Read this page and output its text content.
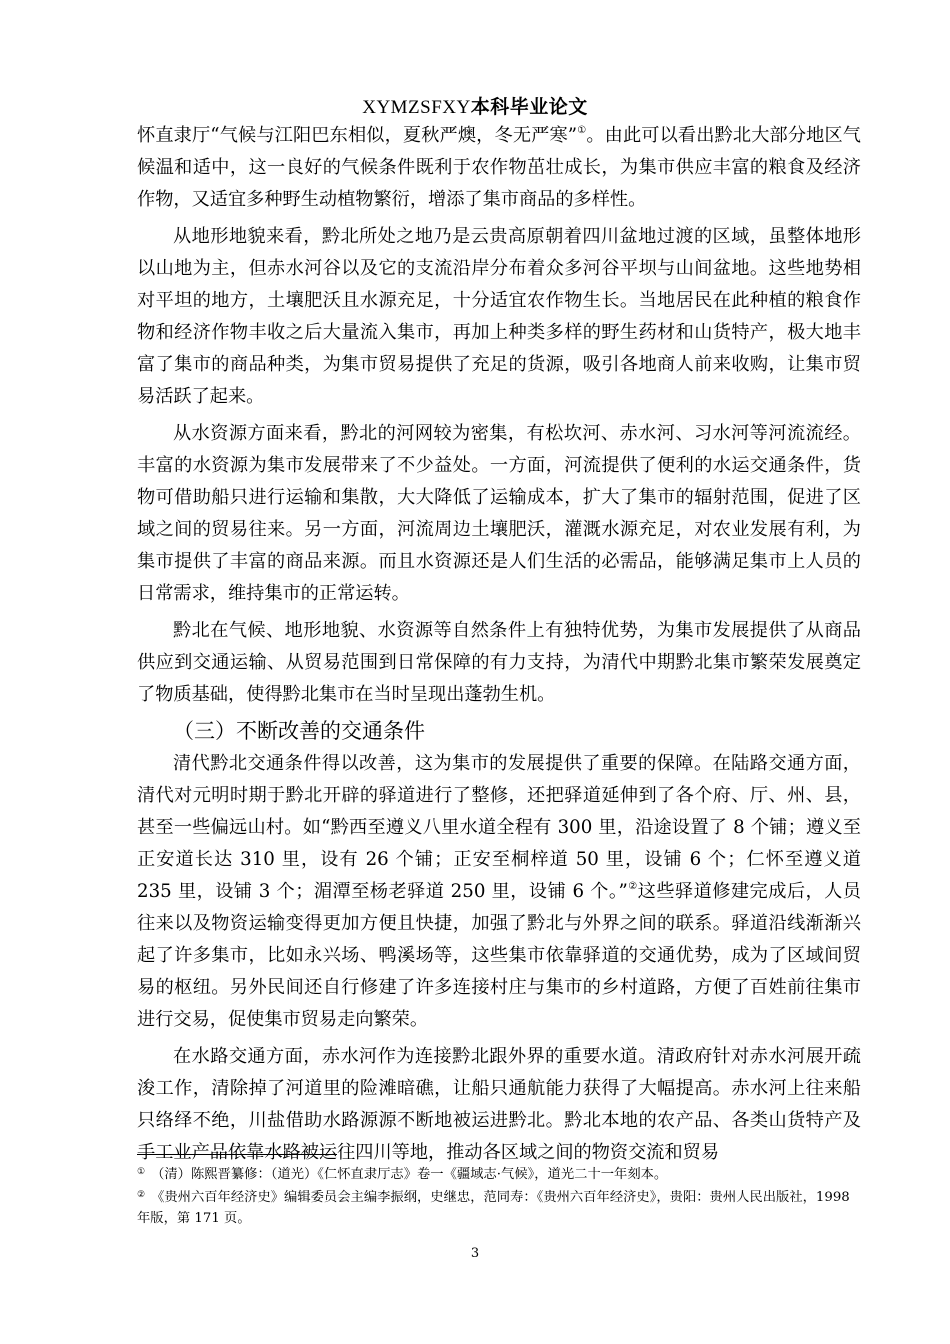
XYMZSFXY本科毕业论文

怀直隶厅“气候与江阳巴东相似，夏秋严燠，冬无严寒”①。由此可以看出黔北大部分地区气候温和适中，这一良好的气候条件既利于农作物茁壮成长，为集市供应丰富的粮食及经济作物，又适宜多种野生动植物繁衍，增添了集市商品的多样性。

从地形地貌来看，黔北所处之地乃是云贵高原朝着四川盆地过渡的区域，虽整体地形以山地为主，但赤水河谷以及它的支流沿岸分布着众多河谷平坝与山间盆地。这些地势相对平坦的地方，土壤肥沃且水源充足，十分适宜农作物生长。当地居民在此种植的粮食作物和经济作物丰收之后大量流入集市，再加上种类多样的野生药材和山货特产，极大地丰富了集市的商品种类，为集市贸易提供了充足的货源，吸引各地商人前来收购，让集市贸易活跃了起来。

从水资源方面来看，黔北的河网较为密集，有松坎河、赤水河、习水河等河流流经。丰富的水资源为集市发展带来了不少益处。一方面，河流提供了便利的水运交通条件，货物可借助船只进行运输和集散，大大降低了运输成本，扩大了集市的辐射范围，促进了区域之间的贸易往来。另一方面，河流周边土壤肥沃，灌溉水源充足，对农业发展有利，为集市提供了丰富的商品来源。而且水资源还是人们生活的必需品，能够满足集市上人员的日常需求，维持集市的正常运转。

黔北在气候、地形地貌、水资源等自然条件上有独特优势，为集市发展提供了从商品供应到交通运输、从贸易范围到日常保障的有力支持，为清代中期黔北集市繁荣发展奠定了物质基础，使得黔北集市在当时呈现出蓬勃生机。

（三）不断改善的交通条件

清代黔北交通条件得以改善，这为集市的发展提供了重要的保障。在陆路交通方面，清代对元明时期于黔北开辟的驿道进行了整修，还把驿道延伸到了各个府、厅、州、县，甚至一些偏远山村。如“黔西至遵义八里水道全程有 300 里，沿途设置了 8 个铺；遵义至正安道长达 310 里，设有 26 个铺；正安至桐梓道 50 里，设铺 6 个；仁怀至遵义道 235 里，设铺 3 个；湄潭至杨老驿道 250 里，设铺 6 个。”②这些驿道修建完成后，人员往来以及物资运输变得更加方便且快捷，加强了黔北与外界之间的联系。驿道沿线渐渐兴起了许多集市，比如永兴场、鸭溪场等，这些集市依靠驿道的交通优势，成为了区域间贸易的枢纽。另外民间还自行修建了许多连接村庄与集市的乡村道路，方便了百姓前往集市进行交易，促使集市贸易走向繁荣。

在水路交通方面，赤水河作为连接黔北跟外界的重要水道。清政府针对赤水河展开疏浚工作，清除掉了河道里的险滩暗礁，让船只通航能力获得了大幅提高。赤水河上往来船只络绎不绝，川盐借助水路源源不断地被运进黔北。黔北本地的农产品、各类山货特产及手工业产品依靠水路被运往四川等地，推动各区域之间的物资交流和贸易

① （清）陈熙晋纂修：（道光）《仁怀直隶厅志》卷一《疆域志·气候》，道光二十一年刻本。

② 《贵州六百年经济史》编辑委员会主编李振纲，史继忠，范同寿：《贵州六百年经济史》，贵阳：贵州人民出版社，1998 年版，第 171 页。

3
